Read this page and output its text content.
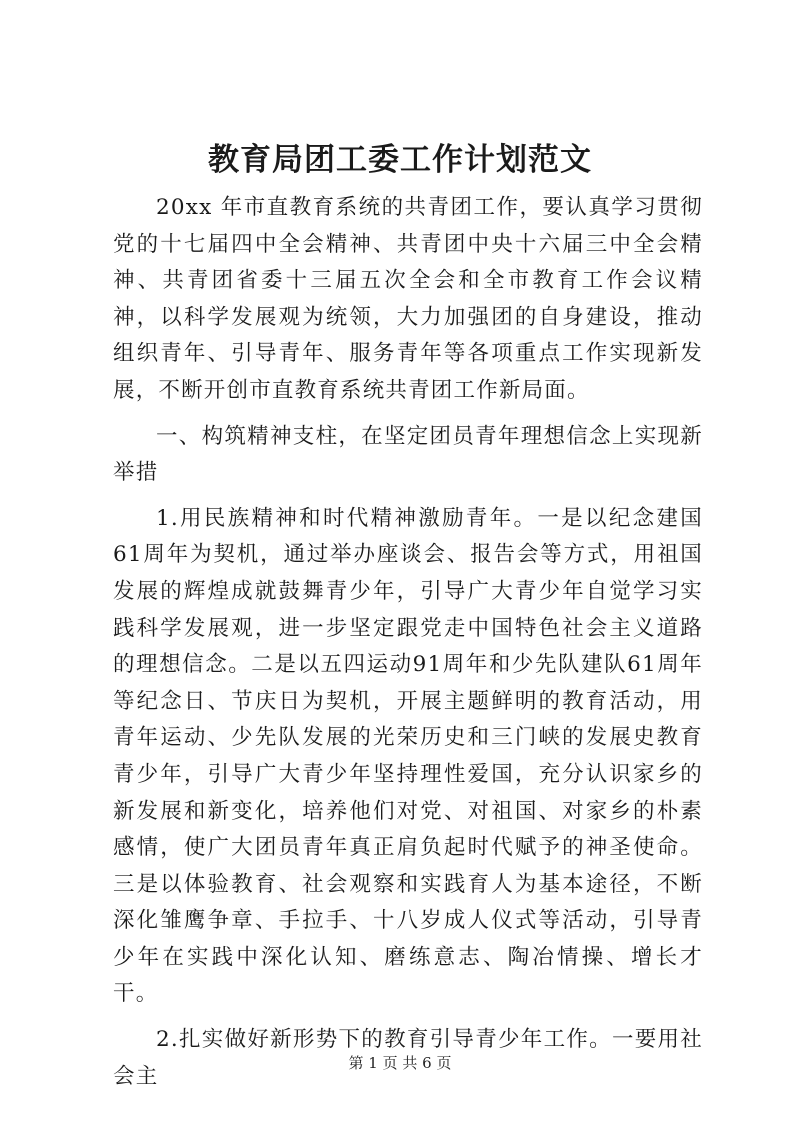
教育局团工委工作计划范文

20xx 年市直教育系统的共青团工作，要认真学习贯彻党的十七届四中全会精神、共青团中央十六届三中全会精神、共青团省委十三届五次全会和全市教育工作会议精神，以科学发展观为统领，大力加强团的自身建设，推动组织青年、引导青年、服务青年等各项重点工作实现新发展，不断开创市直教育系统共青团工作新局面。

一、构筑精神支柱，在坚定团员青年理想信念上实现新举措

1.用民族精神和时代精神激励青年。一是以纪念建国61周年为契机，通过举办座谈会、报告会等方式，用祖国发展的辉煌成就鼓舞青少年，引导广大青少年自觉学习实践科学发展观，进一步坚定跟党走中国特色社会主义道路的理想信念。二是以五四运动91周年和少先队建队61周年等纪念日、节庆日为契机，开展主题鲜明的教育活动，用青年运动、少先队发展的光荣历史和三门峡的发展史教育青少年，引导广大青少年坚持理性爱国，充分认识家乡的新发展和新变化，培养他们对党、对祖国、对家乡的朴素感情，使广大团员青年真正肩负起时代赋予的神圣使命。三是以体验教育、社会观察和实践育人为基本途径，不断深化雏鹰争章、手拉手、十八岁成人仪式等活动，引导青少年在实践中深化认知、磨练意志、陶冶情操、增长才干。

2.扎实做好新形势下的教育引导青少年工作。一要用社会主

第 1 页 共 6 页
